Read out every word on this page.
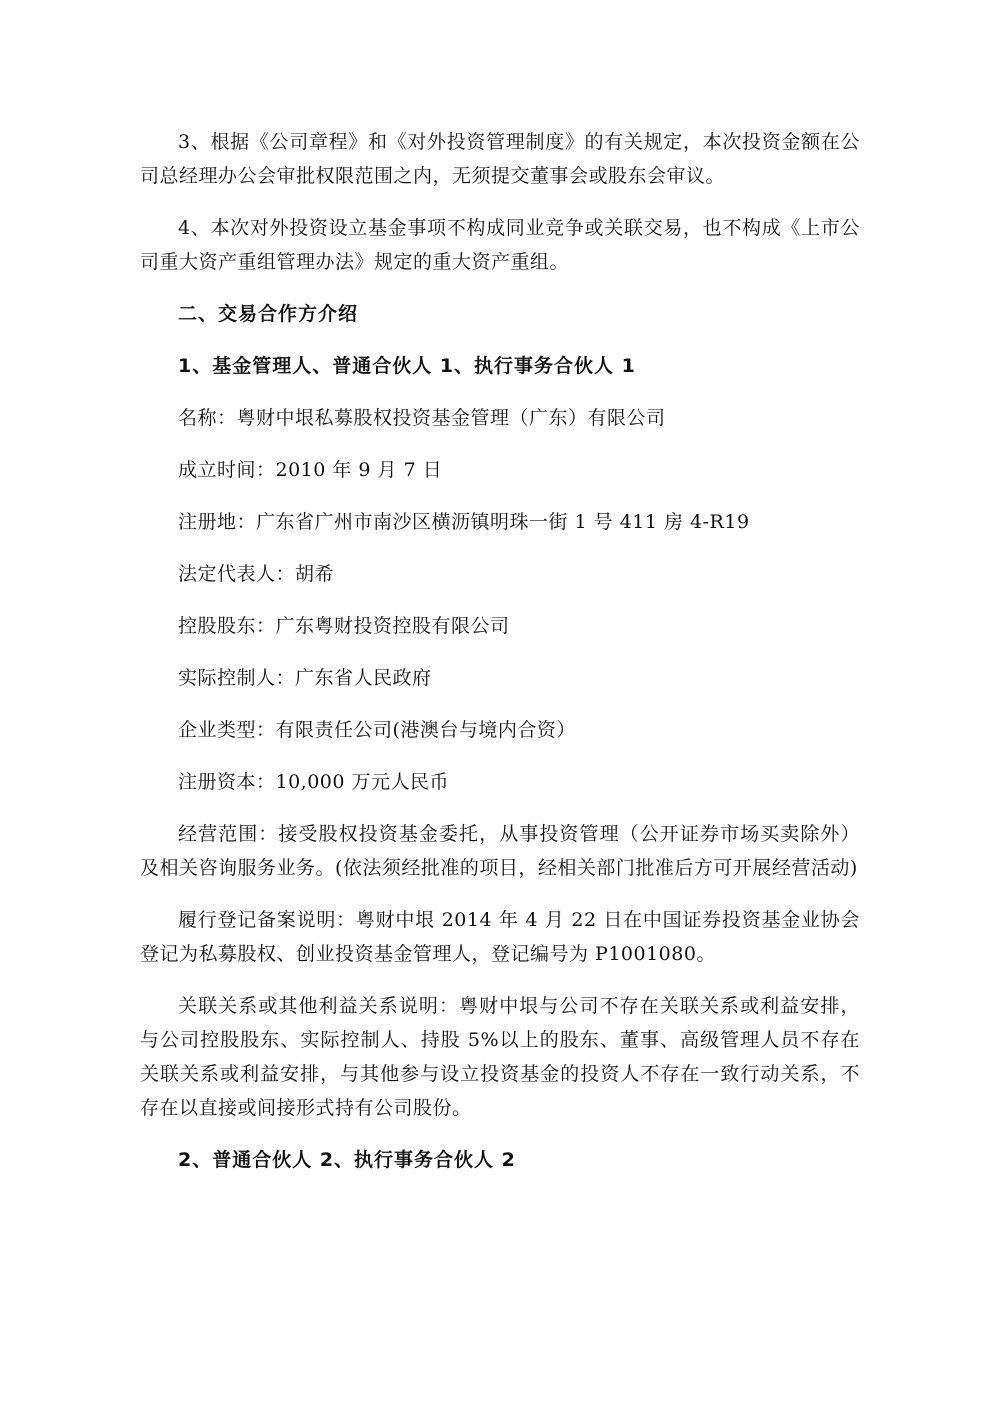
3、根据《公司章程》和《对外投资管理制度》的有关规定，本次投资金额在公司总经理办公会审批权限范围之内，无须提交董事会或股东会审议。

4、本次对外投资设立基金事项不构成同业竞争或关联交易，也不构成《上市公司重大资产重组管理办法》规定的重大资产重组。

二、交易合作方介绍

1、基金管理人、普通合伙人 1、执行事务合伙人 1

名称：粤财中垠私募股权投资基金管理（广东）有限公司

成立时间：2010 年 9 月 7 日

注册地：广东省广州市南沙区横沥镇明珠一街 1 号 411 房 4-R19

法定代表人：胡希

控股股东：广东粤财投资控股有限公司

实际控制人：广东省人民政府

企业类型：有限责任公司(港澳台与境内合资）

注册资本：10,000 万元人民币

经营范围：接受股权投资基金委托，从事投资管理（公开证券市场买卖除外）及相关咨询服务业务。(依法须经批准的项目，经相关部门批准后方可开展经营活动)

履行登记备案说明：粤财中垠 2014 年 4 月 22 日在中国证券投资基金业协会登记为私募股权、创业投资基金管理人，登记编号为 P1001080。

关联关系或其他利益关系说明：粤财中垠与公司不存在关联关系或利益安排，与公司控股股东、实际控制人、持股 5%以上的股东、董事、高级管理人员不存在关联关系或利益安排，与其他参与设立投资基金的投资人不存在一致行动关系，不存在以直接或间接形式持有公司股份。

2、普通合伙人 2、执行事务合伙人 2
